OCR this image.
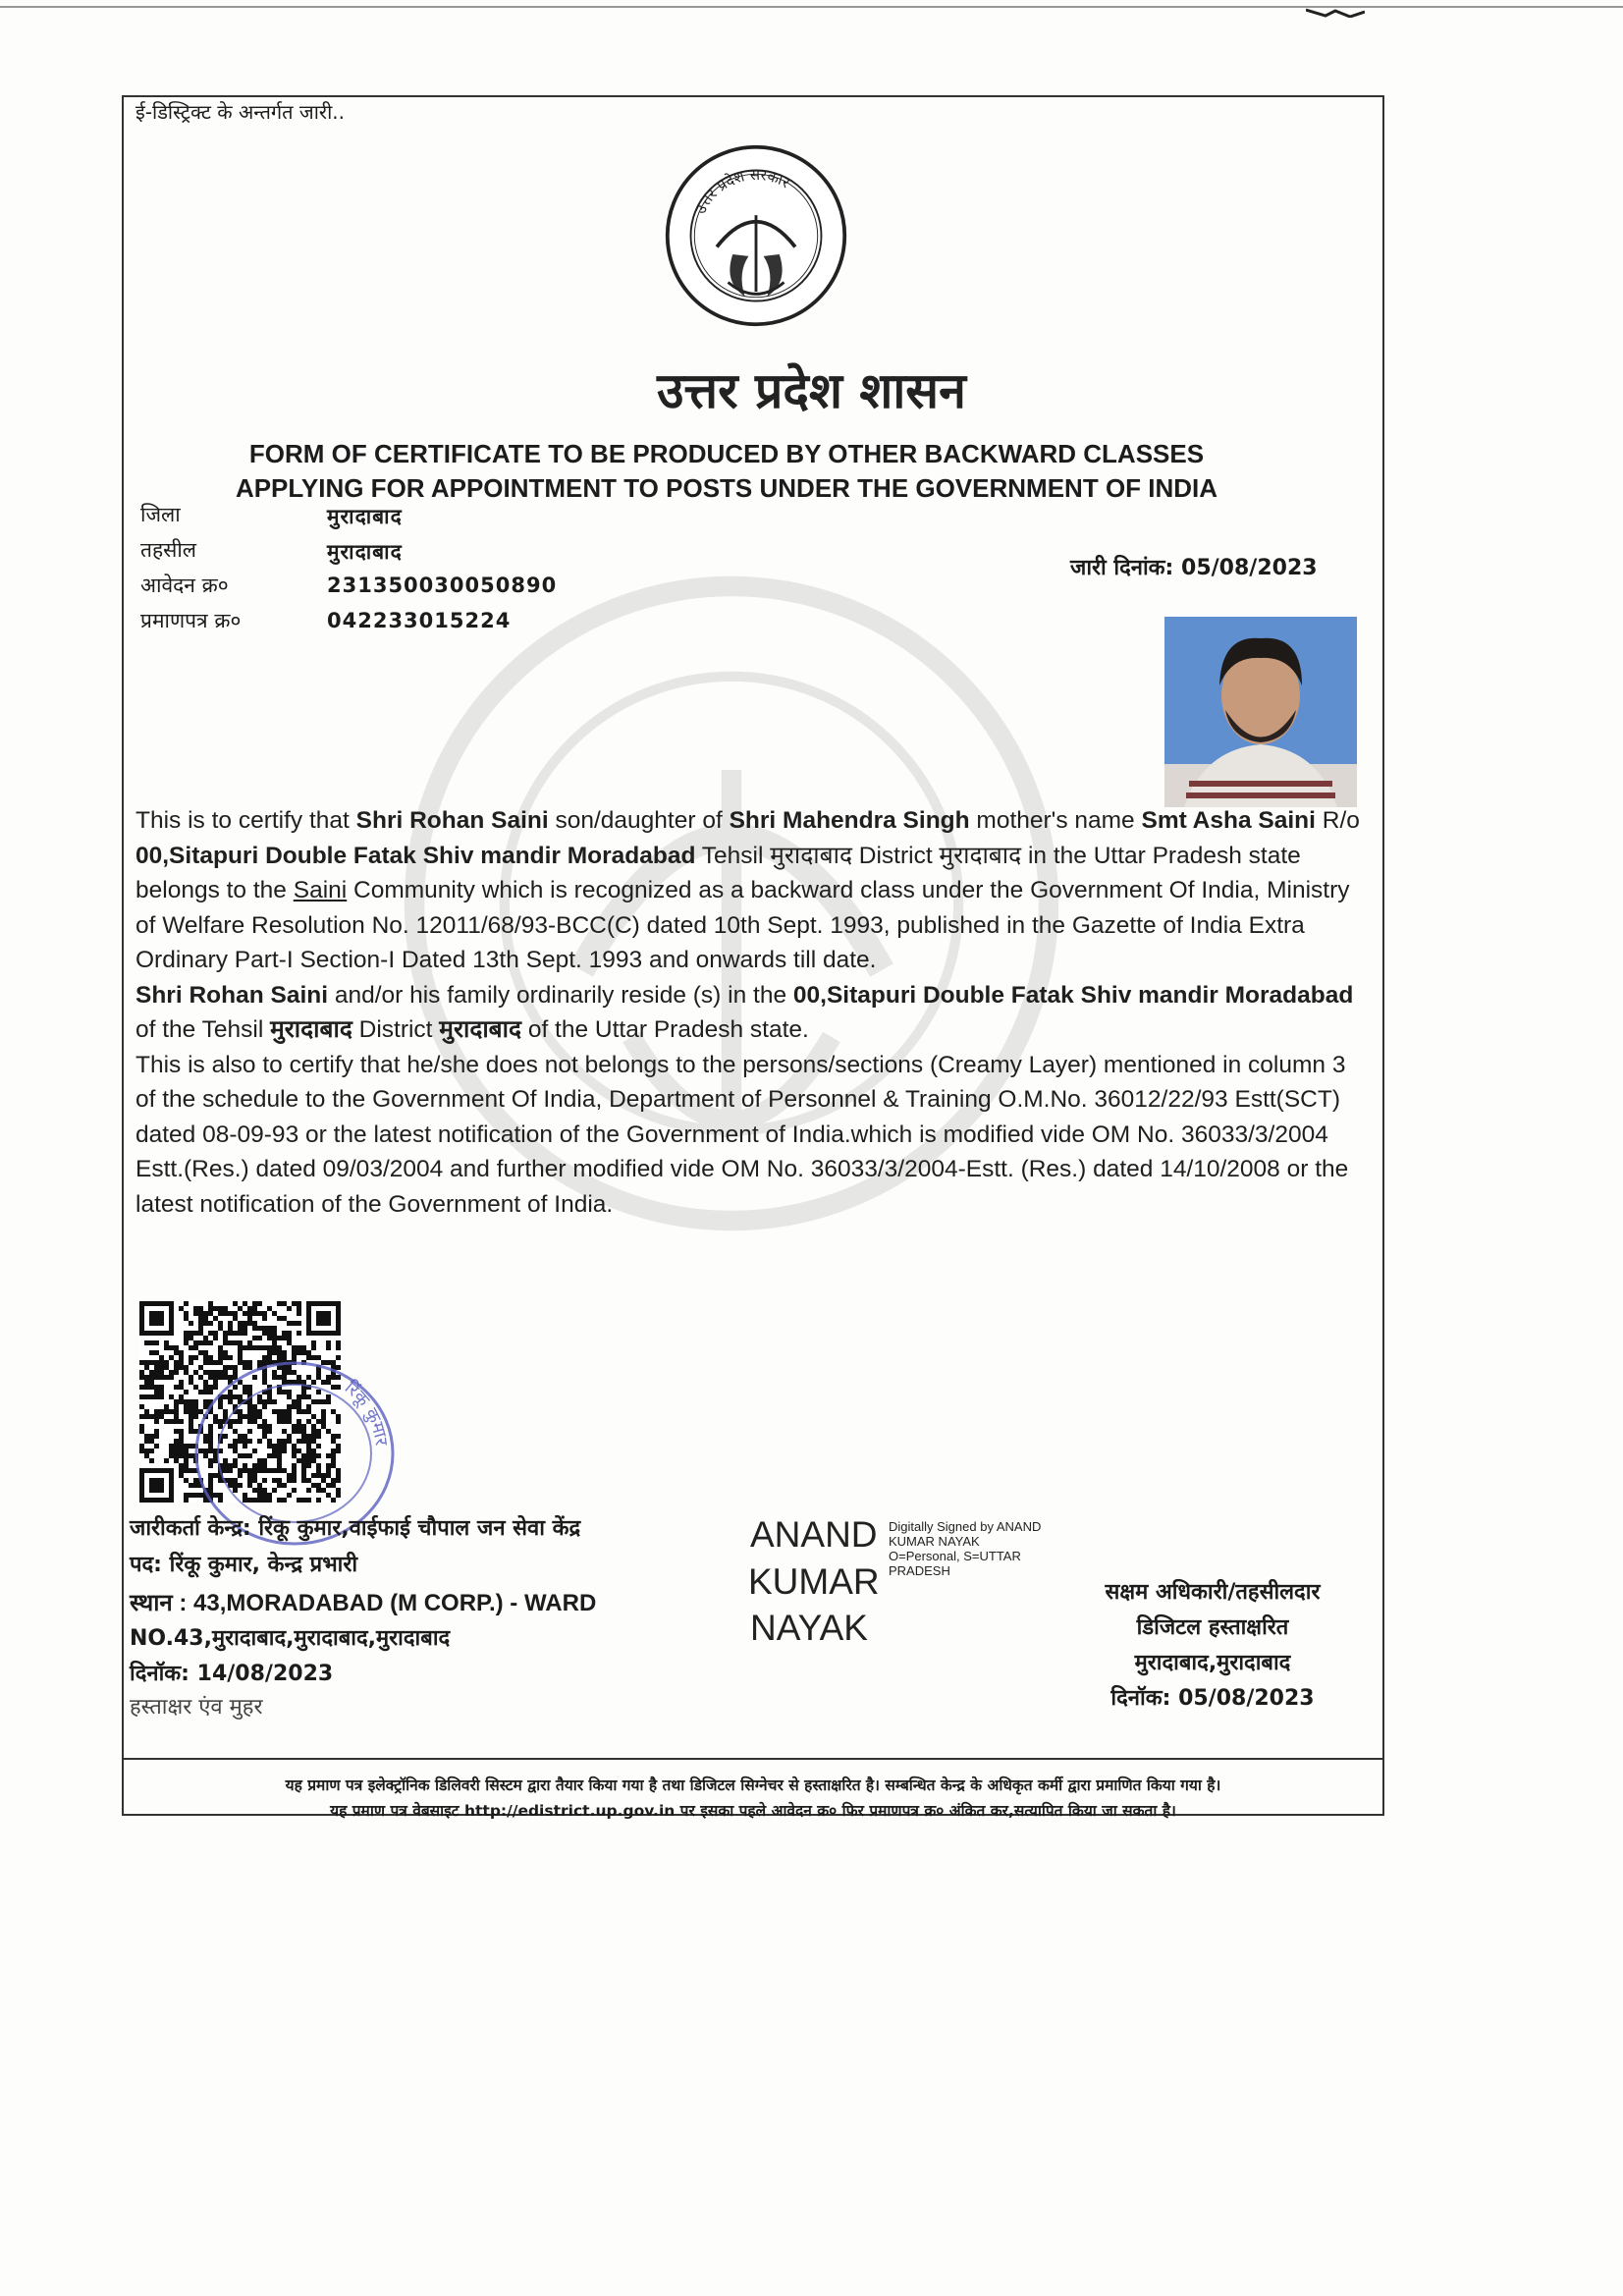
ई-डिस्ट्रिक्ट के अन्तर्गत जारी..
उत्तर प्रदेश सरकार
उत्तर प्रदेश शासन
FORM OF CERTIFICATE TO BE PRODUCED BY OTHER BACKWARD CLASSES
APPLYING FOR APPOINTMENT TO POSTS UNDER THE GOVERNMENT OF INDIA
जिला	मुरादाबाद
तहसील	मुरादाबाद
आवेदन क्र०	231350030050890
प्रमाणपत्र क्र०	042233015224
जारी दिनांक: 05/08/2023

This is to certify that Shri Rohan Saini son/daughter of Shri Mahendra Singh mother's name Smt Asha Saini R/o 00,Sitapuri Double Fatak Shiv mandir Moradabad Tehsil मुरादाबाद District मुरादाबाद in the Uttar Pradesh state belongs to the Saini Community which is recognized as a backward class under the Government Of India, Ministry of Welfare Resolution No. 12011/68/93-BCC(C) dated 10th Sept. 1993, published in the Gazette of India Extra Ordinary Part-I Section-I Dated 13th Sept. 1993 and onwards till date.

Shri Rohan Saini and/or his family ordinarily reside (s) in the 00,Sitapuri Double Fatak Shiv mandir Moradabad of the Tehsil मुरादाबाद District मुरादाबाद of the Uttar Pradesh state.

This is also to certify that he/she does not belongs to the persons/sections (Creamy Layer) mentioned in column 3 of the schedule to the Government Of India, Department of Personnel & Training O.M.No. 36012/22/93 Estt(SCT) dated 08-09-93 or the latest notification of the Government of India.which is modified vide OM No. 36033/3/2004 Estt.(Res.) dated 09/03/2004 and further modified vide OM No. 36033/3/2004-Estt. (Res.) dated 14/10/2008 or the latest notification of the Government of India.

रिंकू कुमार
जारीकर्ता केन्द्र: रिंकू कुमार,वाईफाई चौपाल जन सेवा केंद्र
पद: रिंकू कुमार, केन्द्र प्रभारी
स्थान : 43,MORADABAD (M CORP.) - WARD
NO.43,मुरादाबाद,मुरादाबाद,मुरादाबाद
दिनॉक: 14/08/2023
हस्ताक्षर एंव मुहर
ANAND
KUMAR
NAYAK
Digitally Signed by ANAND
KUMAR NAYAK
O=Personal, S=UTTAR
PRADESH
सक्षम अधिकारी/तहसीलदार
डिजिटल हस्ताक्षरित
मुरादाबाद,मुरादाबाद
दिनॉक: 05/08/2023
यह प्रमाण पत्र इलेक्ट्रॉनिक डिलिवरी सिस्टम द्वारा तैयार किया गया है तथा डिजिटल सिग्नेचर से हस्ताक्षरित है। सम्बन्धित केन्द्र के अधिकृत कर्मी द्वारा प्रमाणित किया गया है।
यह प्रमाण पत्र वेबसाइट http://edistrict.up.gov.in पर इसका पहले आवेदन क्र० फिर प्रमाणपत्र क्र० अंकित कर,सत्यापित किया जा सकता है।
